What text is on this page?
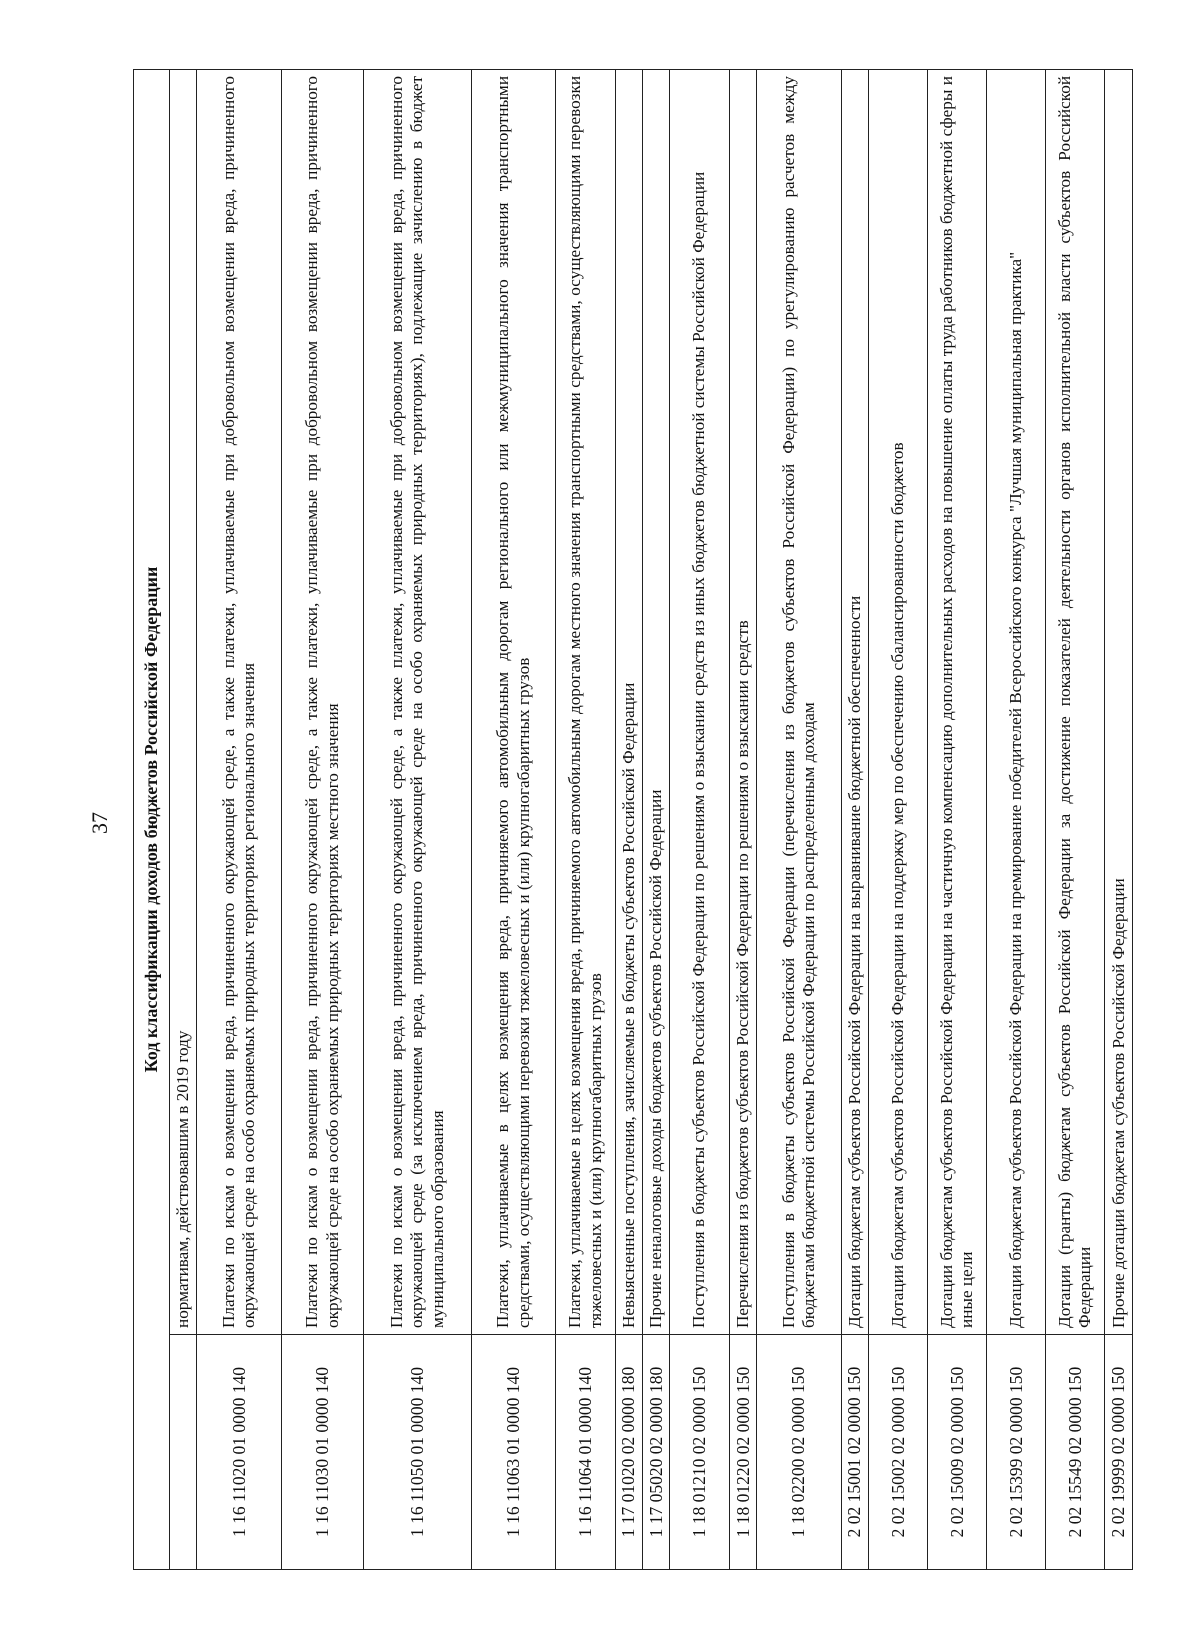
37 Код классификации доходов бюджетов Российской Федерации	
	нормативам, действовавшим в 2019 году
1 16 11020 01 0000 140	Платежи по искам о возмещении вреда, причиненного окружающей среде, а также платежи, уплачиваемые при добровольном возмещении вреда, причиненного окружающей среде на особо охраняемых природных территориях регионального значения
1 16 11030 01 0000 140	Платежи по искам о возмещении вреда, причиненного окружающей среде, а также платежи, уплачиваемые при добровольном возмещении вреда, причиненного окружающей среде на особо охраняемых природных территориях местного значения
1 16 11050 01 0000 140	Платежи по искам о возмещении вреда, причиненного окружающей среде, а также платежи, уплачиваемые при добровольном возмещении вреда, причиненного окружающей среде (за исключением вреда, причиненного окружающей среде на особо охраняемых природных территориях), подлежащие зачислению в бюджет муниципального образования
1 16 11063 01 0000 140	Платежи, уплачиваемые в целях возмещения вреда, причиняемого автомобильным дорогам регионального или межмуниципального значения транспортными средствами, осуществляющими перевозки тяжеловесных и (или) крупногабаритных грузов
1 16 11064 01 0000 140	Платежи, уплачиваемые в целях возмещения вреда, причиняемого автомобильным дорогам местного значения транспортными средствами, осуществляющими перевозки тяжеловесных и (или) крупногабаритных грузов
1 17 01020 02 0000 180	Невыясненные поступления, зачисляемые в бюджеты субъектов Российской Федерации
1 17 05020 02 0000 180	Прочие неналоговые доходы бюджетов субъектов Российской Федерации
1 18 01210 02 0000 150	Поступления в бюджеты субъектов Российской Федерации по решениям о взыскании средств из иных бюджетов бюджетной системы Российской Федерации
1 18 01220 02 0000 150	Перечисления из бюджетов субъектов Российской Федерации по решениям о взыскании средств
1 18 02200 02 0000 150	Поступления в бюджеты субъектов Российской Федерации (перечисления из бюджетов субъектов Российской Федерации) по урегулированию расчетов между бюджетами бюджетной системы Российской Федерации по распределенным доходам
2 02 15001 02 0000 150	Дотации бюджетам субъектов Российской Федерации на выравнивание бюджетной обеспеченности
2 02 15002 02 0000 150	Дотации бюджетам субъектов Российской Федерации на поддержку мер по обеспечению сбалансированности бюджетов
2 02 15009 02 0000 150	Дотации бюджетам субъектов Российской Федерации на частичную компенсацию дополнительных расходов на повышение оплаты труда работников бюджетной сферы и иные цели
2 02 15399 02 0000 150	Дотации бюджетам субъектов Российской Федерации на премирование победителей Всероссийского конкурса "Лучшая муниципальная практика"
2 02 15549 02 0000 150	Дотации (гранты) бюджетам субъектов Российской Федерации за достижение показателей деятельности органов исполнительной власти субъектов Российской Федерации
2 02 19999 02 0000 150	Прочие дотации бюджетам субъектов Российской Федерации
